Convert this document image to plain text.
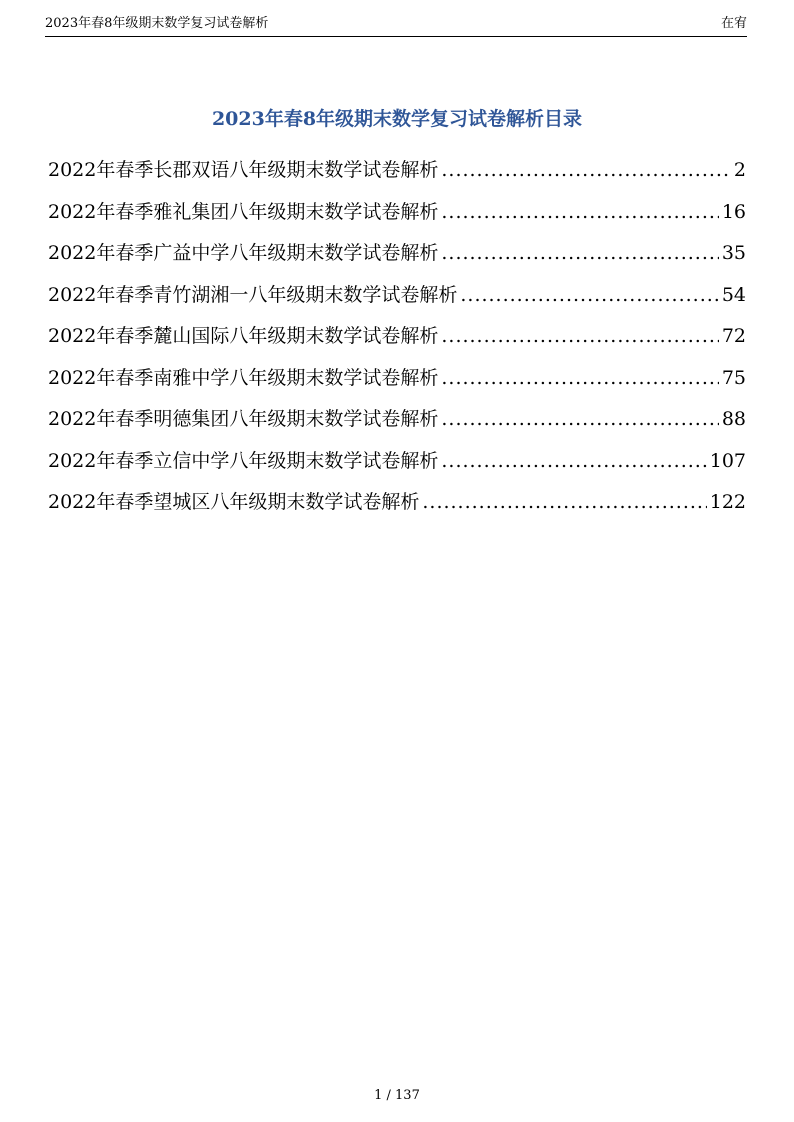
2023年春8年级期末数学复习试卷解析	在宥
2023年春8年级期末数学复习试卷解析目录
2022年春季长郡双语八年级期末数学试卷解析 .....	2
2022年春季雅礼集团八年级期末数学试卷解析 .....	16
2022年春季广益中学八年级期末数学试卷解析 .....	35
2022年春季青竹湖湘一八年级期末数学试卷解析 .....	54
2022年春季麓山国际八年级期末数学试卷解析 .....	72
2022年春季南雅中学八年级期末数学试卷解析 .....	75
2022年春季明德集团八年级期末数学试卷解析 .....	88
2022年春季立信中学八年级期末数学试卷解析 .....	107
2022年春季望城区八年级期末数学试卷解析 .....	122
1 / 137
